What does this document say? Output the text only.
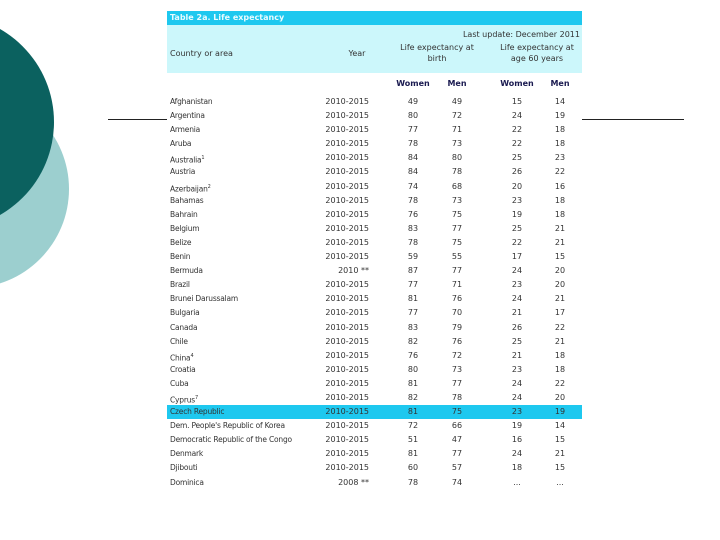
Table 2a. Life expectancy
Last update: December 2011
Country or area	Year
Life expectancy at birth
Life expectancy at age 60 years
Women	Men	Women	Men
Afghanistan	2010-2015	49	49	15	14
Argentina	2010-2015	80	72	24	19
Armenia	2010-2015	77	71	22	18
Aruba	2010-2015	78	73	22	18
Australia$^1$	2010-2015	84	80	25	23
Austria	2010-2015	84	78	26	22
Azerbaijan$^2$	2010-2015	74	68	20	16
Bahamas	2010-2015	78	73	23	18
Bahrain	2010-2015	76	75	19	18
Belgium	2010-2015	83	77	25	21
Belize	2010-2015	78	75	22	21
Benin	2010-2015	59	55	17	15
Bermuda	2010 **	87	77	24	20
Brazil	2010-2015	77	71	23	20
Brunei Darussalam	2010-2015	81	76	24	21
Bulgaria	2010-2015	77	70	21	17
Canada	2010-2015	83	79	26	22
Chile	2010-2015	82	76	25	21
China$^4$	2010-2015	76	72	21	18
Croatia	2010-2015	80	73	23	18
Cuba	2010-2015	81	77	24	22
Cyprus$^7$	2010-2015	82	78	24	20
Czech Republic	2010-2015	81	75	23	19
Dem. People's Republic of Korea	2010-2015	72	66	19	14
Democratic Republic of the Congo	2010-2015	51	47	16	15
Denmark	2010-2015	81	77	24	21
Djibouti	2010-2015	60	57	18	15
Dominica	2008 **	78	74	...	...
